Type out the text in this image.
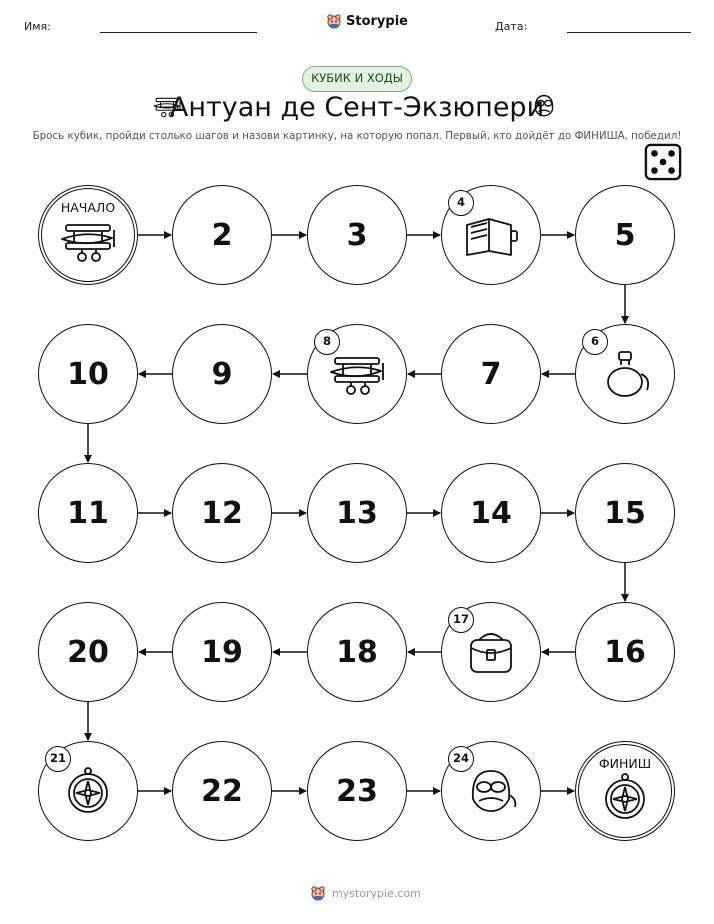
Имя:	Storypie	Дата:
КУБИК И ХОДЫ
Антуан де Сент-Экзюпери
Брось кубик, пройди столько шагов и назови картинку, на которую попал. Первый, кто дойдёт до ФИНИША, победил!
НАЧАЛО
2	3
4
5
6
7
8
9
10
11	12	13	14	15
16
17
18
19
20
21
22	23
24	ФИНИШ
mystorypie.com
